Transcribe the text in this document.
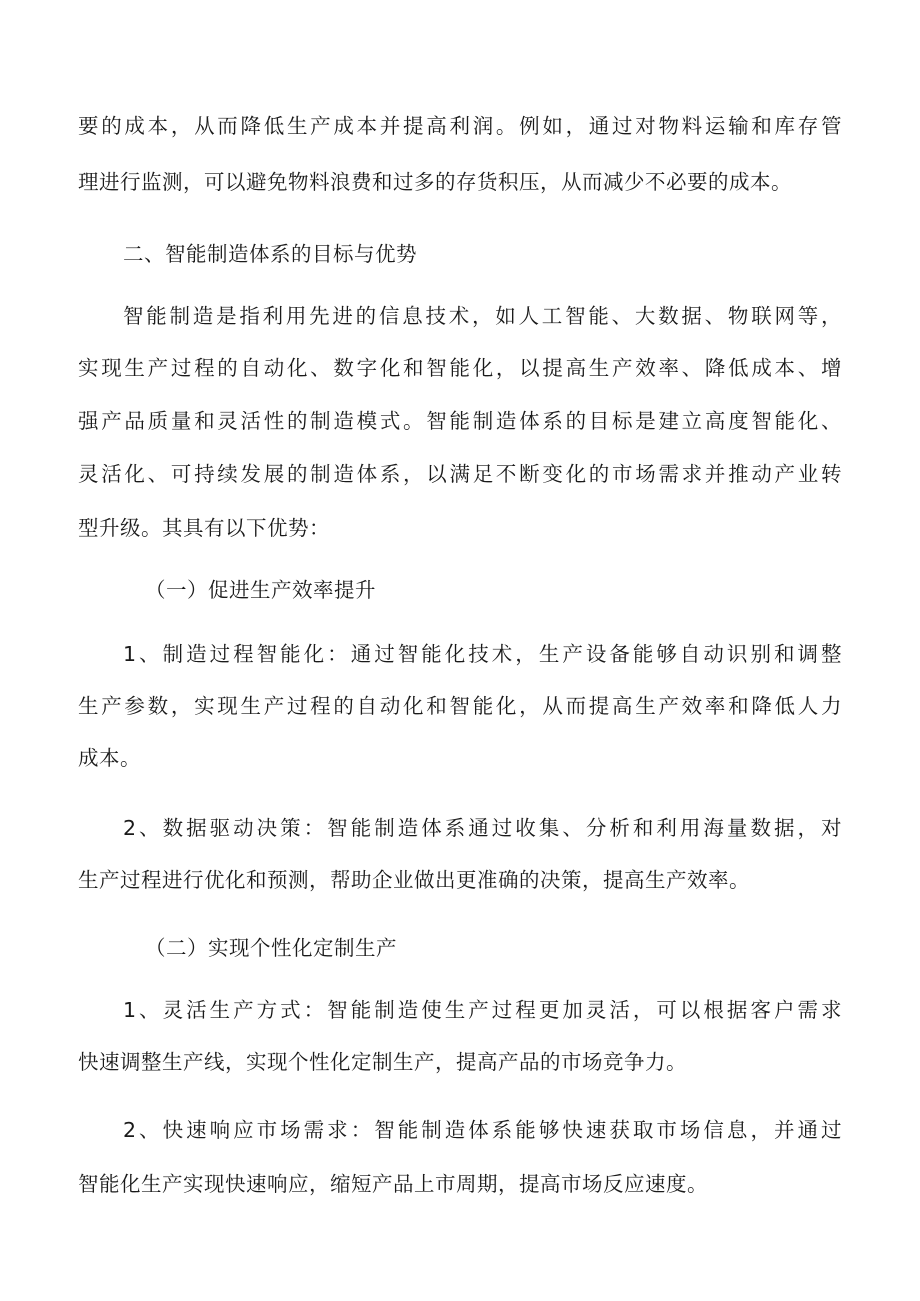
要的成本，从而降低生产成本并提高利润。例如，通过对物料运输和库存管
理进行监测，可以避免物料浪费和过多的存货积压，从而减少不必要的成本。
二、智能制造体系的目标与优势
智能制造是指利用先进的信息技术，如人工智能、大数据、物联网等，
实现生产过程的自动化、数字化和智能化，以提高生产效率、降低成本、增
强产品质量和灵活性的制造模式。智能制造体系的目标是建立高度智能化、
灵活化、可持续发展的制造体系，以满足不断变化的市场需求并推动产业转
型升级。其具有以下优势：
（一）促进生产效率提升
1、制造过程智能化：通过智能化技术，生产设备能够自动识别和调整
生产参数，实现生产过程的自动化和智能化，从而提高生产效率和降低人力
成本。
2、数据驱动决策：智能制造体系通过收集、分析和利用海量数据，对
生产过程进行优化和预测，帮助企业做出更准确的决策，提高生产效率。
（二）实现个性化定制生产
1、灵活生产方式：智能制造使生产过程更加灵活，可以根据客户需求
快速调整生产线，实现个性化定制生产，提高产品的市场竞争力。
2、快速响应市场需求：智能制造体系能够快速获取市场信息，并通过
智能化生产实现快速响应，缩短产品上市周期，提高市场反应速度。
